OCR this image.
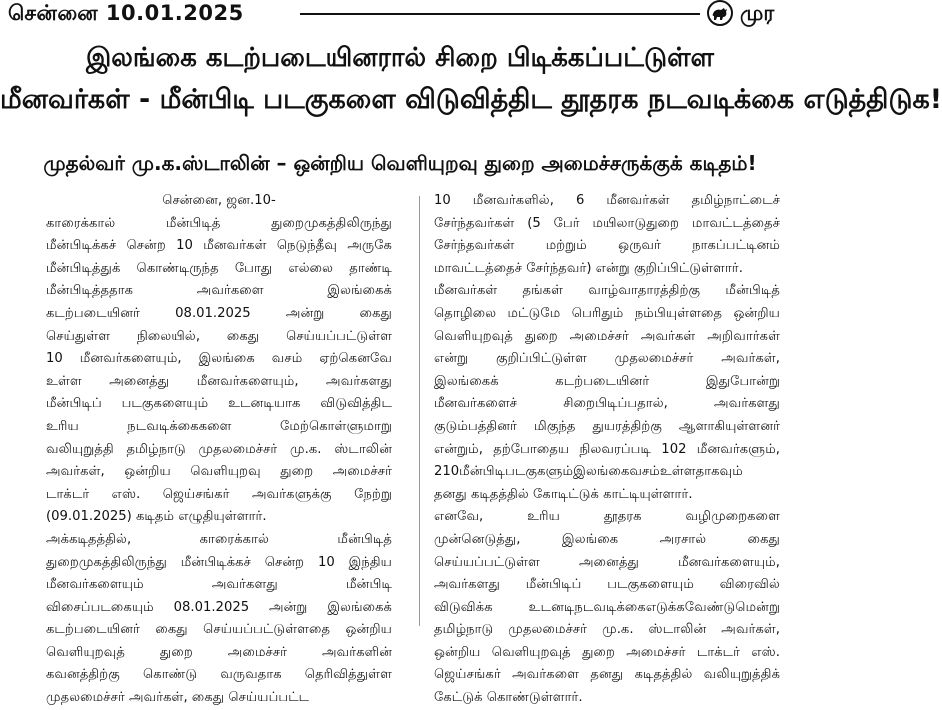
சென்னை 10.01.2025	முர
இலங்கை கடற்படையினரால் சிறை பிடிக்கப்பட்டுள்ள
மீனவர்கள் - மீன்பிடி படகுகளை விடுவித்திட தூதரக நடவடிக்கை எடுத்திடுக!
முதல்வர் மு.க.ஸ்டாலின் – ஒன்றிய வெளியுறவு துறை அமைச்சருக்குக் கடிதம்!
சென்னை, ஜன.10-
காரைக்கால் மீன்பிடித் துறைமுகத்திலிருந்து
மீன்பிடிக்கச் சென்ற 10 மீனவர்கள் நெடுந்தீவு அருகே
மீன்பிடித்துக் கொண்டிருந்த போது எல்லை தாண்டி
மீன்பிடித்ததாக அவர்களை இலங்கைக்
கடற்படையினர் 08.01.2025 அன்று கைது
செய்துள்ள நிலையில், கைது செய்யப்பட்டுள்ள
10 மீனவர்களையும், இலங்கை வசம் ஏற்கெனவே
உள்ள அனைத்து மீனவர்களையும், அவர்களது
மீன்பிடிப் படகுகளையும் உடனடியாக விடுவித்திட
உரிய நடவடிக்கைகளை மேற்கொள்ளுமாறு
வலியுறுத்தி தமிழ்நாடு முதலமைச்சர் மு.க. ஸ்டாலின்
அவர்கள், ஒன்றிய வெளியுறவு துறை அமைச்சர்
டாக்டர் எஸ். ஜெய்சங்கர் அவர்களுக்கு நேற்று
(09.01.2025) கடிதம் எழுதியுள்ளார்.
அக்கடிதத்தில், காரைக்கால் மீன்பிடித்
துறைமுகத்திலிருந்து மீன்பிடிக்கச் சென்ற 10 இந்திய
மீனவர்களையும் அவர்களது மீன்பிடி
விசைப்படகையும் 08.01.2025 அன்று இலங்கைக்
கடற்படையினர் கைது செய்யப்பட்டுள்ளதை ஒன்றிய
வெளியுறவுத் துறை அமைச்சர் அவர்களின்
கவனத்திற்கு கொண்டு வருவதாக தெரிவித்துள்ள
முதலமைச்சர் அவர்கள், கைது செய்யப்பட்ட
10 மீனவர்களில், 6 மீனவர்கள் தமிழ்நாட்டைச்
சேர்ந்தவர்கள் (5 பேர் மயிலாடுதுறை மாவட்டத்தைச்
சேர்ந்தவர்கள் மற்றும் ஒருவர் நாகப்பட்டினம்
மாவட்டத்தைச் சேர்ந்தவர்) என்று குறிப்பிட்டுள்ளார்.
மீனவர்கள் தங்கள் வாழ்வாதாரத்திற்கு மீன்பிடித்
தொழிலை மட்டுமே பெரிதும் நம்பியுள்ளதை ஒன்றிய
வெளியுறவுத் துறை அமைச்சர் அவர்கள் அறிவார்கள்
என்று குறிப்பிட்டுள்ள முதலமைச்சர் அவர்கள்,
இலங்கைக் கடற்படையினர் இதுபோன்று
மீனவர்களைச் சிறைபிடிப்பதால், அவர்களது
குடும்பத்தினர் மிகுந்த துயரத்திற்கு ஆளாகியுள்ளனர்
என்றும், தற்போதைய நிலவரப்படி 102 மீனவர்களும்,
210மீன்பிடிபடகுகளும்இலங்கைவசம்உள்ளதாகவும்
தனது கடிதத்தில் கோடிட்டுக் காட்டியுள்ளார்.
எனவே, உரிய தூதரக வழிமுறைகளை
முன்னெடுத்து, இலங்கை அரசால் கைது
செய்யப்பட்டுள்ள அனைத்து மீனவர்களையும்,
அவர்களது மீன்பிடிப் படகுகளையும் விரைவில்
விடுவிக்க உடனடிநடவடிக்கைஎடுக்கவேண்டுமென்று
தமிழ்நாடு முதலமைச்சர் மு.க. ஸ்டாலின் அவர்கள்,
ஒன்றிய வெளியுறவுத் துறை அமைச்சர் டாக்டர் எஸ்.
ஜெய்சங்கர் அவர்களை தனது கடிதத்தில் வலியுறுத்திக்
கேட்டுக் கொண்டுள்ளார்.
